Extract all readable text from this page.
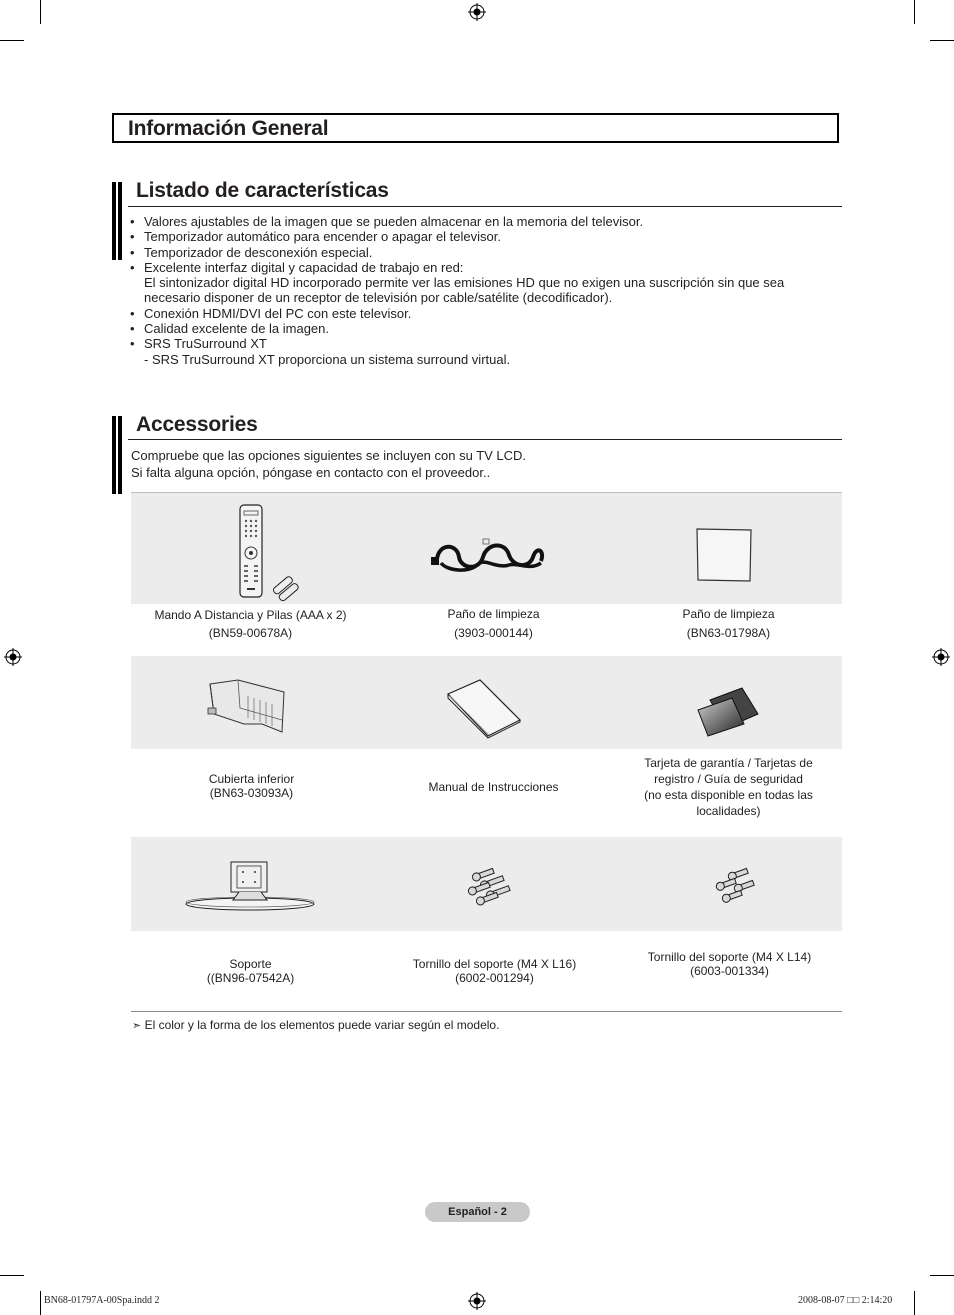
Información General
Listado de características
• Valores ajustables de la imagen que se pueden almacenar en la memoria del televisor.
• Temporizador automático para encender o apagar el televisor.
• Temporizador de desconexión especial.
• Excelente interfaz digital y capacidad de trabajo en red:
El sintonizador digital HD incorporado permite ver las emisiones HD que no exigen una suscripción sin que sea
necesario disponer de un receptor de televisión por cable/satélite (decodificador).
• Conexión HDMI/DVI del PC con este televisor.
• Calidad excelente de la imagen.
• SRS TruSurround XT
- SRS TruSurround XT proporciona un sistema surround virtual.
Accessories
Compruebe que las opciones siguientes se incluyen con su TV LCD.
Si falta alguna opción, póngase en contacto con el proveedor..
Mando A Distancia y Pilas (AAA x 2)
(BN59-00678A)
Paño de limpieza
(3903-000144)
Paño de limpieza
(BN63-01798A)
Cubierta inferior
(BN63-03093A)	Manual de Instrucciones
Tarjeta de garantía / Tarjetas de
registro / Guía de seguridad
(no esta disponible en todas las
localidades)
Soporte
((BN96-07542A)
Tornillo del soporte (M4 X L16)
(6002-001294)
Tornillo del soporte (M4 X L14)
(6003-001334)
➣ El color y la forma de los elementos puede variar según el modelo.
Español - 2
BN68-01797A-00Spa.indd 2	2008-08-07 □□ 2:14:20
